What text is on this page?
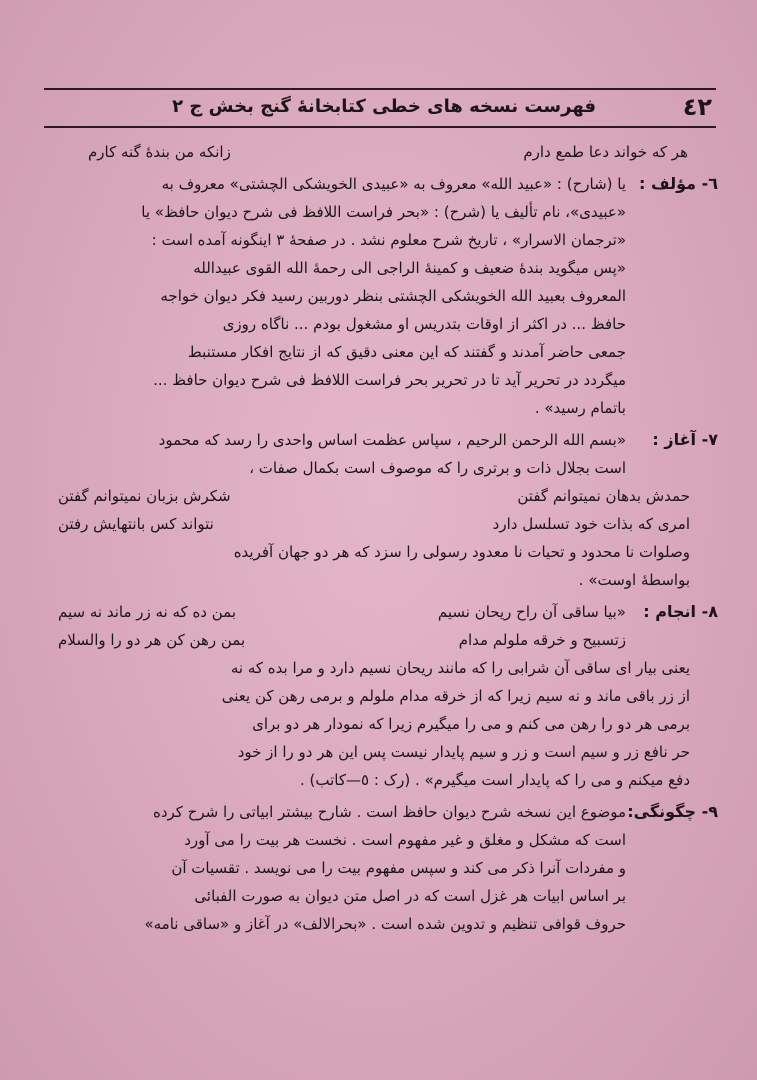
٤٢
فهرست نسخه های خطی کتابخانهٔ گنج بخش ج ٢
هر که خواند دعا طمع دارم
زانکه من بندهٔ گنه کارم
٦- مؤلف :
یا (شارح) : «عبید الله» معروف به «عبیدی الخویشکی الچشتی» معروف به
«عبیدی»، نام تألیف یا (شرح) : «بحر فراست اللافظ فی شرح دیوان حافظ» یا
«ترجمان الاسرار» ، تاریخ شرح معلوم نشد . در صفحهٔ ٣ اینگونه آمده است :
«پس میگوید بندهٔ ضعیف و کمینهٔ الراجی الی رحمهٔ الله القوی عبیدالله
المعروف بعبید الله الخویشکی الچشتی بنظر دوربین رسید فکر دیوان خواجه
حافظ ... در اکثر از اوقات بتدریس او مشغول بودم ... ناگاه روزی
جمعی حاضر آمدند و گفتند که این معنی دقیق که از نتایج افکار مستنبط
میگردد در تحریر آید تا در تحریر بحر فراست اللافظ فی شرح دیوان حافظ ...
باتمام رسید» .
٧- آغاز :
«بسم الله الرحمن الرحیم ، سپاس عظمت اساس واحدی را رسد که محمود
است بجلال ذات و برتری را که موصوف است بکمال صفات ،
حمدش بدهان نمیتوانم گفتن
شکرش بزبان نمیتوانم گفتن
امری که بذات خود تسلسل دارد
نتواند کس بانتهایش رفتن
وصلوات نا محدود و تحیات نا معدود رسولی را سزد که هر دو جهان آفریده
بواسطهٔ اوست» .
٨- انجام :
«بیا ساقی آن راح ریحان نسیم
بمن ده که نه زر ماند نه سیم
زتسبیح و خرقه ملولم مدام
بمن رهن کن هر دو را والسلام
یعنی بیار ای ساقی آن شرابی را که مانند ریحان نسیم دارد و مرا بده که نه
از زر باقی ماند و نه سیم زیرا که از خرقه مدام ملولم و برمی رهن کن یعنی
برمی هر دو را رهن می کنم و می را میگیرم زیرا که نمودار هر دو برای
حر نافع زر و سیم است و زر و سیم پایدار نیست پس این هر دو را از خود
دفع میکنم و می را که پایدار است میگیرم» . (رک : ٥—کاتب) .
٩- چگونگی:
موضوع این نسخه شرح دیوان حافظ است . شارح بیشتر ابیاتی را شرح کرده
است که مشکل و مغلق و غیر مفهوم است . نخست هر بیت را می آورد
و مفردات آنرا ذکر می کند و سپس مفهوم بیت را می نویسد . تقسیات آن
بر اساس ابیات هر غزل است که در اصل متن دیوان به صورت الفبائی
حروف قوافی تنظیم و تدوین شده است . «بحرالالف» در آغاز و «ساقی نامه»
